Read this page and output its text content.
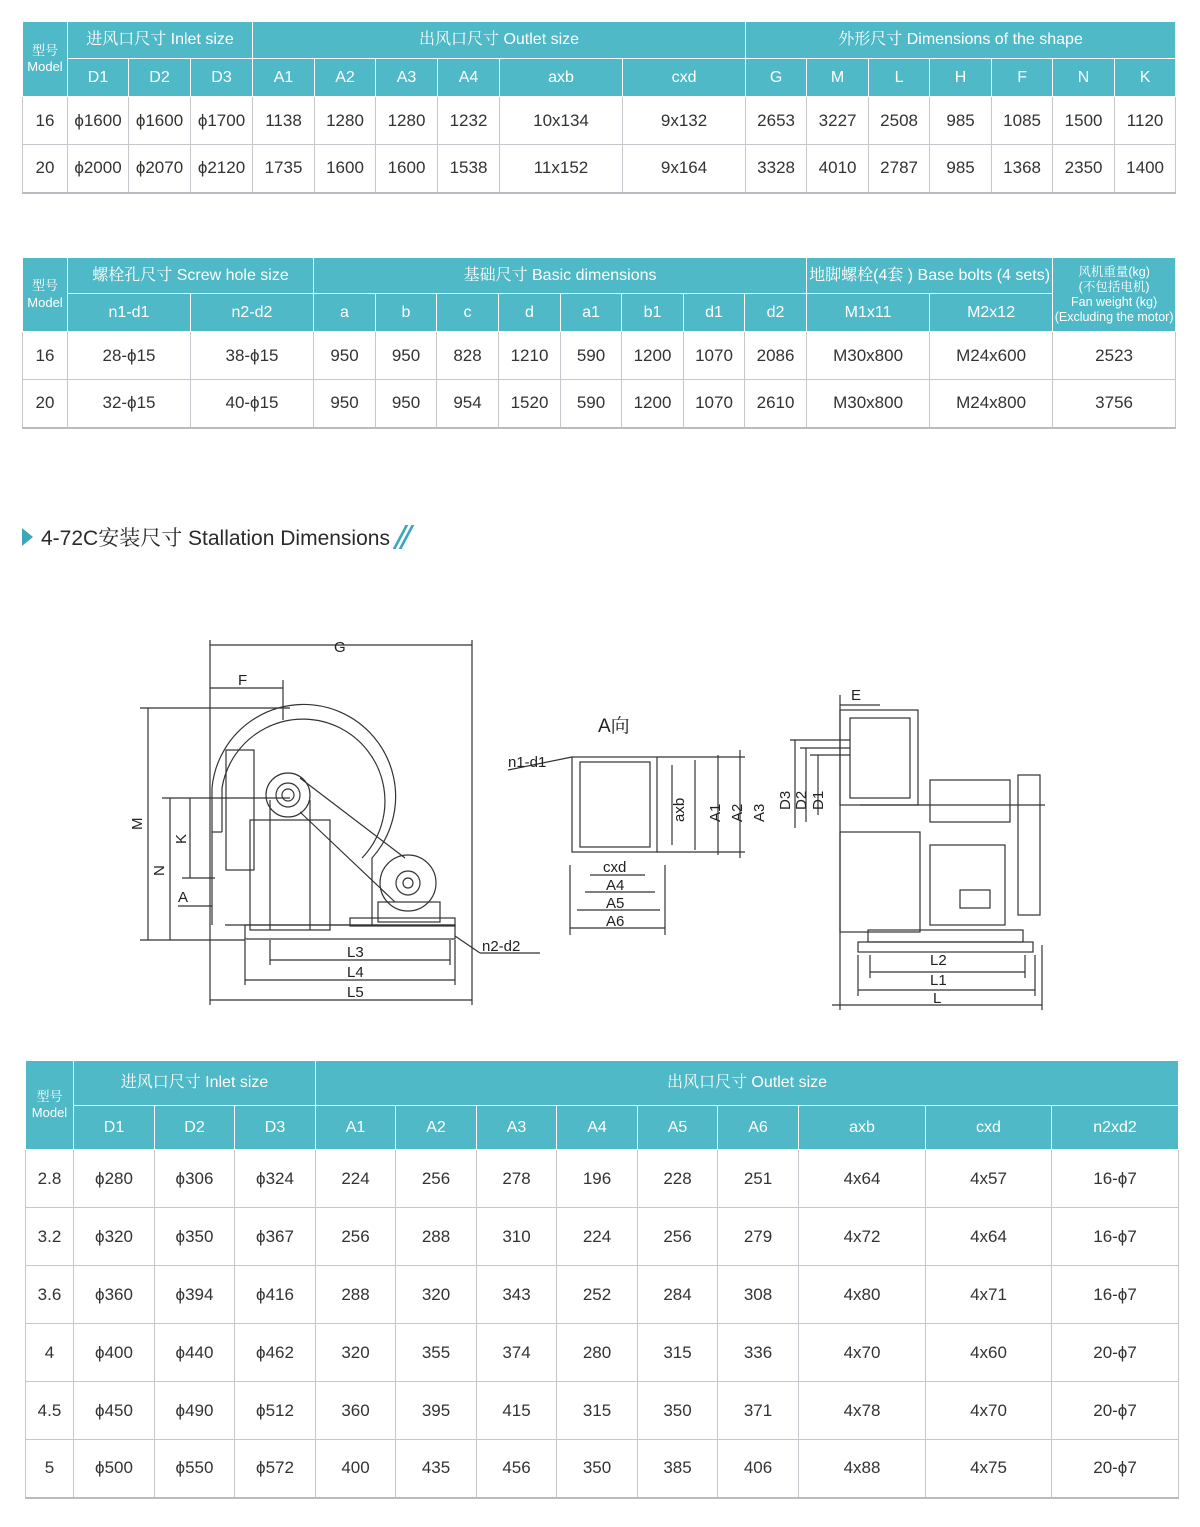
型号
Model	进风口尺寸 Inlet size			出风口尺寸 Outlet size						外形尺寸 Dimensions of the shape						
	D1	D2	D3	A1	A2	A3	A4	axb	cxd	G	M	L	H	F	N	K
16	ϕ1600	ϕ1600	ϕ1700	1138	1280	1280	1232	10x134	9x132	2653	3227	2508	985	1085	1500	1120
20	ϕ2000	ϕ2070	ϕ2120	1735	1600	1600	1538	11x152	9x164	3328	4010	2787	985	1368	2350	1400
型号
Model	螺栓孔尺寸 Screw hole size		基础尺寸 Basic dimensions								地脚螺栓(4套 ) Base bolts (4 sets)		风机重量(kg)
(不包括电机)
Fan weight (kg)
(Excluding the motor)
	n1-d1	n2-d2	a	b	c	d	a1	b1	d1	d2	M1x11	M2x12	
16	28-ϕ15	38-ϕ15	950	950	828	1210	590	1200	1070	2086	M30x800	M24x600	2523
20	32-ϕ15	40-ϕ15	950	950	954	1520	590	1200	1070	2610	M30x800	M24x800	3756
4-72C安装尺寸 Stallation Dimensions
G
F
M
K
N
A
L3
L4
L5
n2-d2
A向
n1-d1
axb A1 A2 A3
cxd
A4
A5
A6
E
D3 D2 D1
L2
L1
L
型号
Model	进风口尺寸 Inlet size			出风口尺寸 Outlet size								
	D1	D2	D3	A1	A2	A3	A4	A5	A6	axb	cxd	n2xd2
2.8	ϕ280	ϕ306	ϕ324	224	256	278	196	228	251	4x64	4x57	16-ϕ7
3.2	ϕ320	ϕ350	ϕ367	256	288	310	224	256	279	4x72	4x64	16-ϕ7
3.6	ϕ360	ϕ394	ϕ416	288	320	343	252	284	308	4x80	4x71	16-ϕ7
4	ϕ400	ϕ440	ϕ462	320	355	374	280	315	336	4x70	4x60	20-ϕ7
4.5	ϕ450	ϕ490	ϕ512	360	395	415	315	350	371	4x78	4x70	20-ϕ7
5	ϕ500	ϕ550	ϕ572	400	435	456	350	385	406	4x88	4x75	20-ϕ7
